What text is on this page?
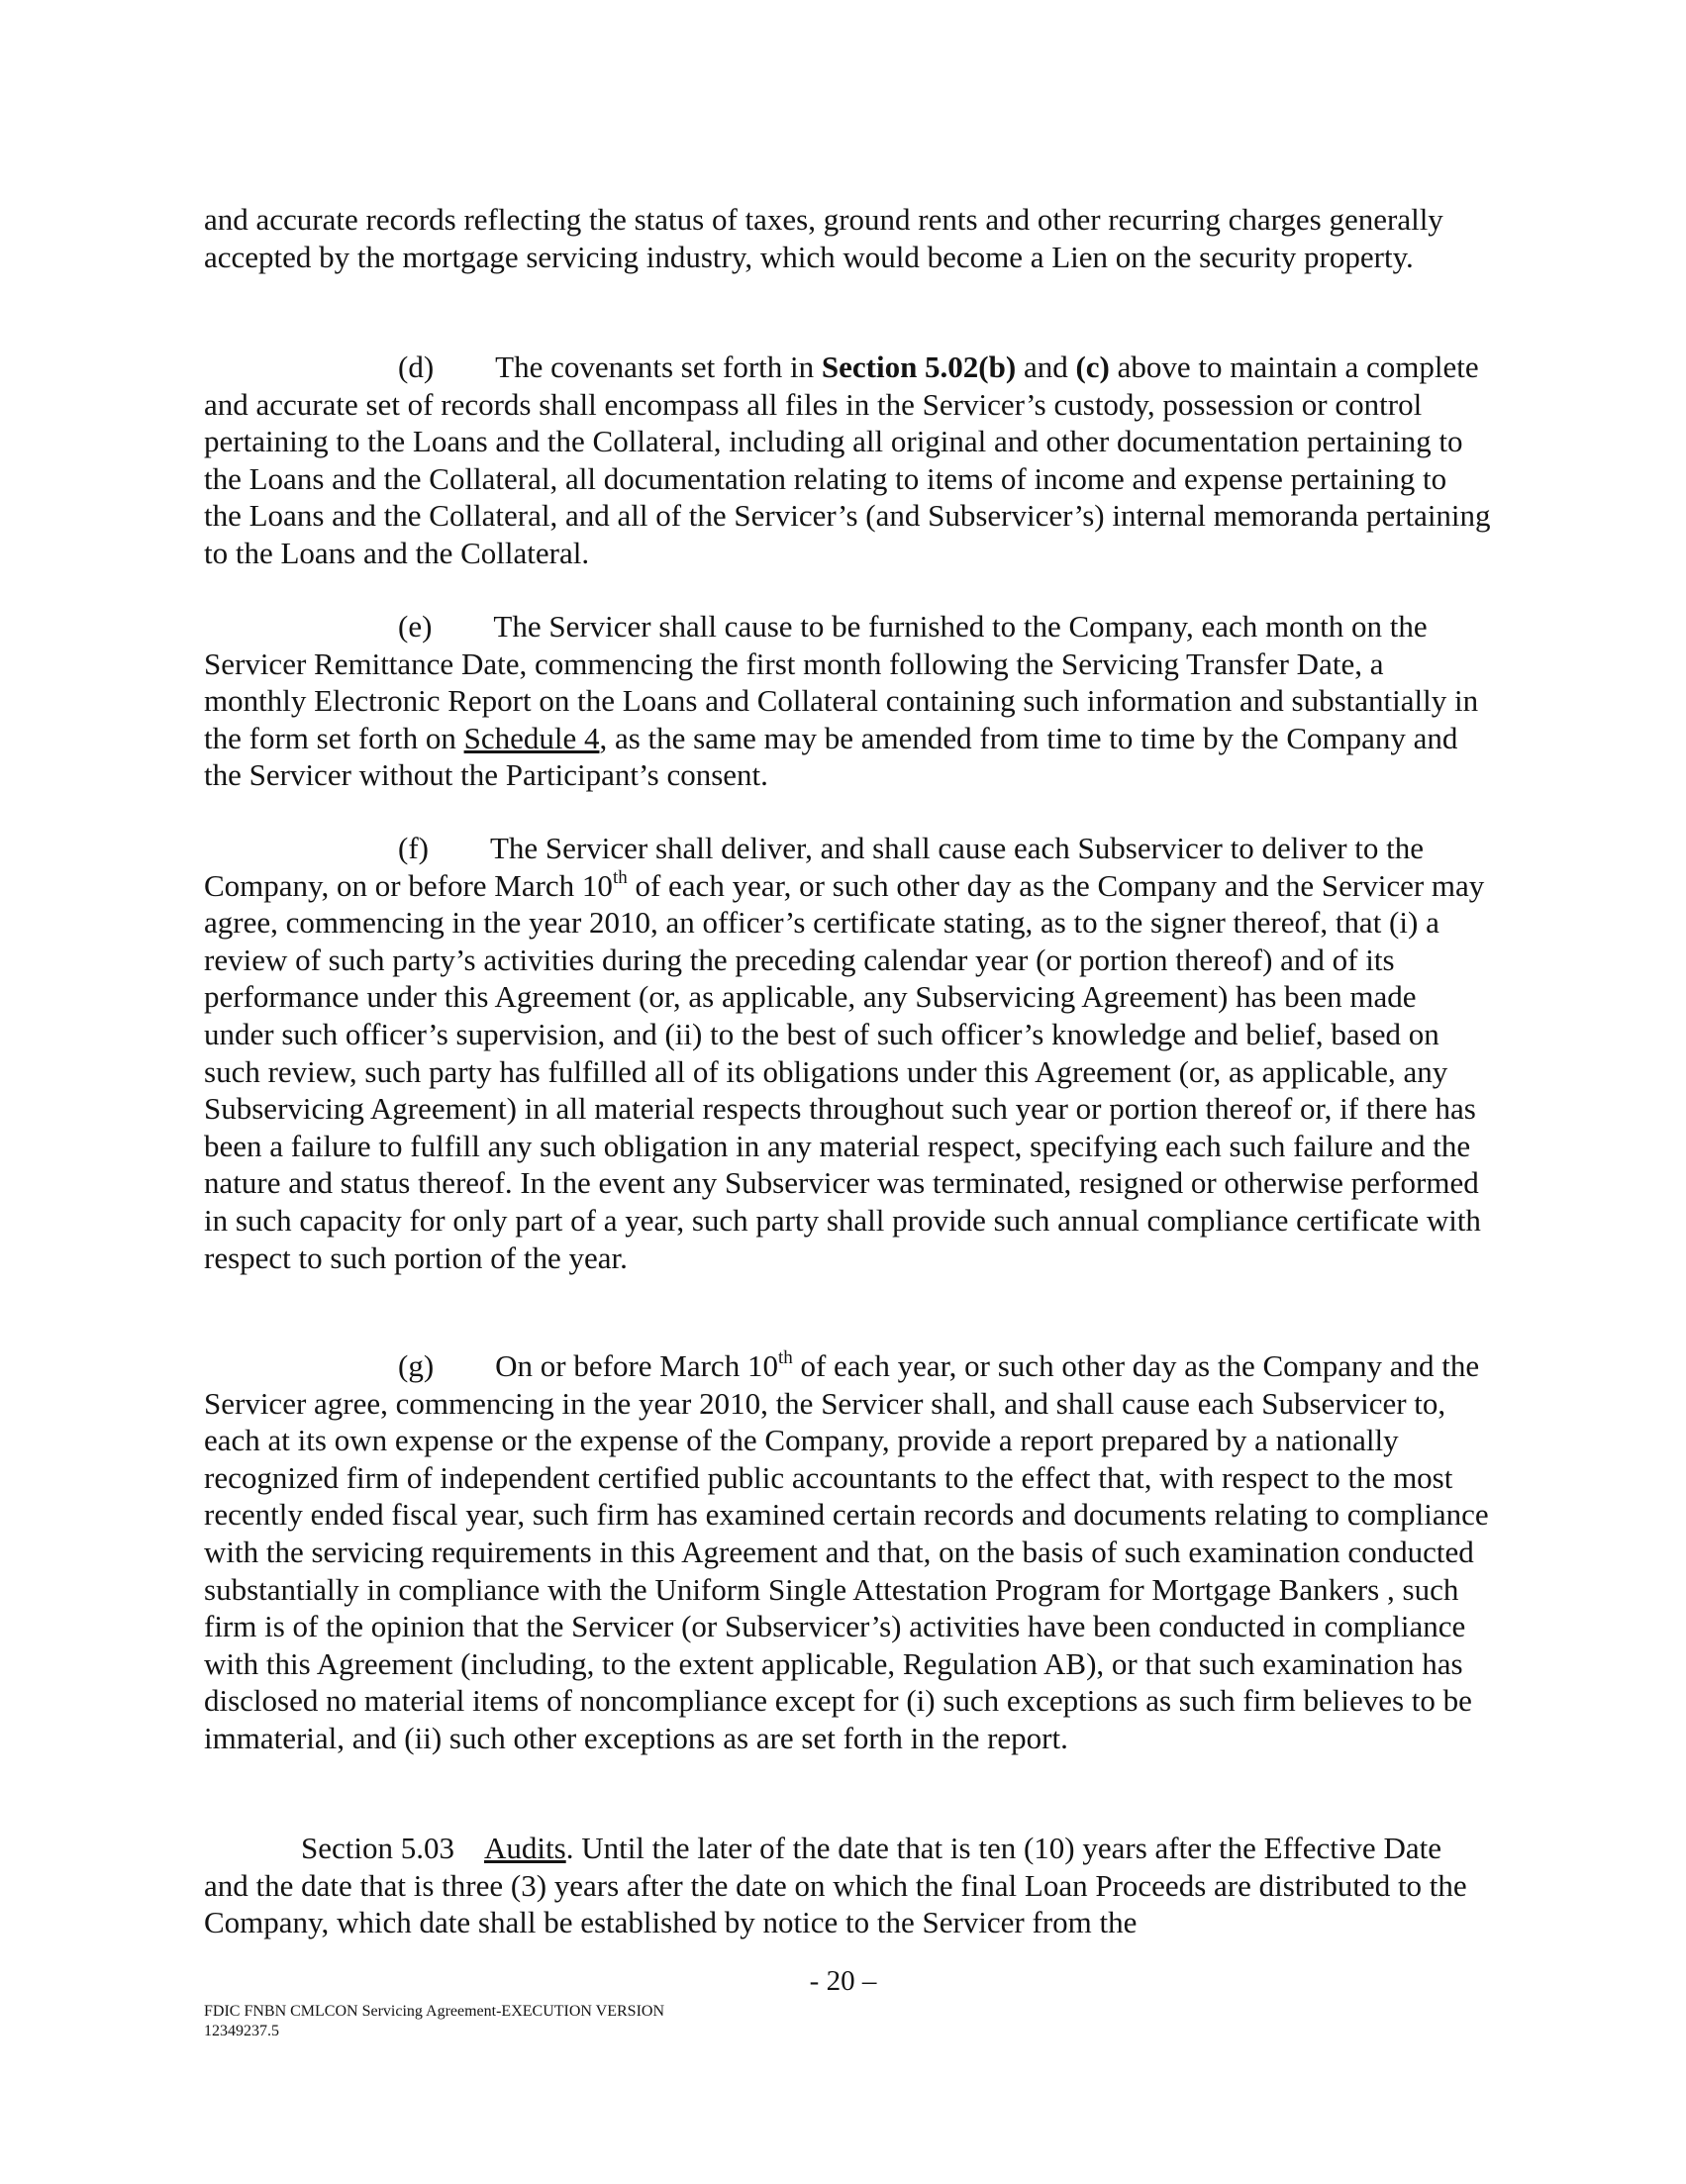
and accurate records reflecting the status of taxes, ground rents and other recurring charges generally accepted by the mortgage servicing industry, which would become a Lien on the security property.

(d) The covenants set forth in Section 5.02(b) and (c) above to maintain a complete and accurate set of records shall encompass all files in the Servicer’s custody, possession or control pertaining to the Loans and the Collateral, including all original and other documentation pertaining to the Loans and the Collateral, all documentation relating to items of income and expense pertaining to the Loans and the Collateral, and all of the Servicer’s (and Subservicer’s) internal memoranda pertaining to the Loans and the Collateral.

(e) The Servicer shall cause to be furnished to the Company, each month on the Servicer Remittance Date, commencing the first month following the Servicing Transfer Date, a monthly Electronic Report on the Loans and Collateral containing such information and substantially in the form set forth on Schedule 4, as the same may be amended from time to time by the Company and the Servicer without the Participant’s consent.

(f) The Servicer shall deliver, and shall cause each Subservicer to deliver to the Company, on or before March 10th of each year, or such other day as the Company and the Servicer may agree, commencing in the year 2010, an officer’s certificate stating, as to the signer thereof, that (i) a review of such party’s activities during the preceding calendar year (or portion thereof) and of its performance under this Agreement (or, as applicable, any Subservicing Agreement) has been made under such officer’s supervision, and (ii) to the best of such officer’s knowledge and belief, based on such review, such party has fulfilled all of its obligations under this Agreement (or, as applicable, any Subservicing Agreement) in all material respects throughout such year or portion thereof or, if there has been a failure to fulfill any such obligation in any material respect, specifying each such failure and the nature and status thereof. In the event any Subservicer was terminated, resigned or otherwise performed in such capacity for only part of a year, such party shall provide such annual compliance certificate with respect to such portion of the year.

(g) On or before March 10th of each year, or such other day as the Company and the Servicer agree, commencing in the year 2010, the Servicer shall, and shall cause each Subservicer to, each at its own expense or the expense of the Company, provide a report prepared by a nationally recognized firm of independent certified public accountants to the effect that, with respect to the most recently ended fiscal year, such firm has examined certain records and documents relating to compliance with the servicing requirements in this Agreement and that, on the basis of such examination conducted substantially in compliance with the Uniform Single Attestation Program for Mortgage Bankers , such firm is of the opinion that the Servicer (or Subservicer’s) activities have been conducted in compliance with this Agreement (including, to the extent applicable, Regulation AB), or that such examination has disclosed no material items of noncompliance except for (i) such exceptions as such firm believes to be immaterial, and (ii) such other exceptions as are set forth in the report.

Section 5.03 Audits. Until the later of the date that is ten (10) years after the Effective Date and the date that is three (3) years after the date on which the final Loan Proceeds are distributed to the Company, which date shall be established by notice to the Servicer from the

- 20 –
FDIC FNBN CMLCON Servicing Agreement-EXECUTION VERSION
12349237.5
